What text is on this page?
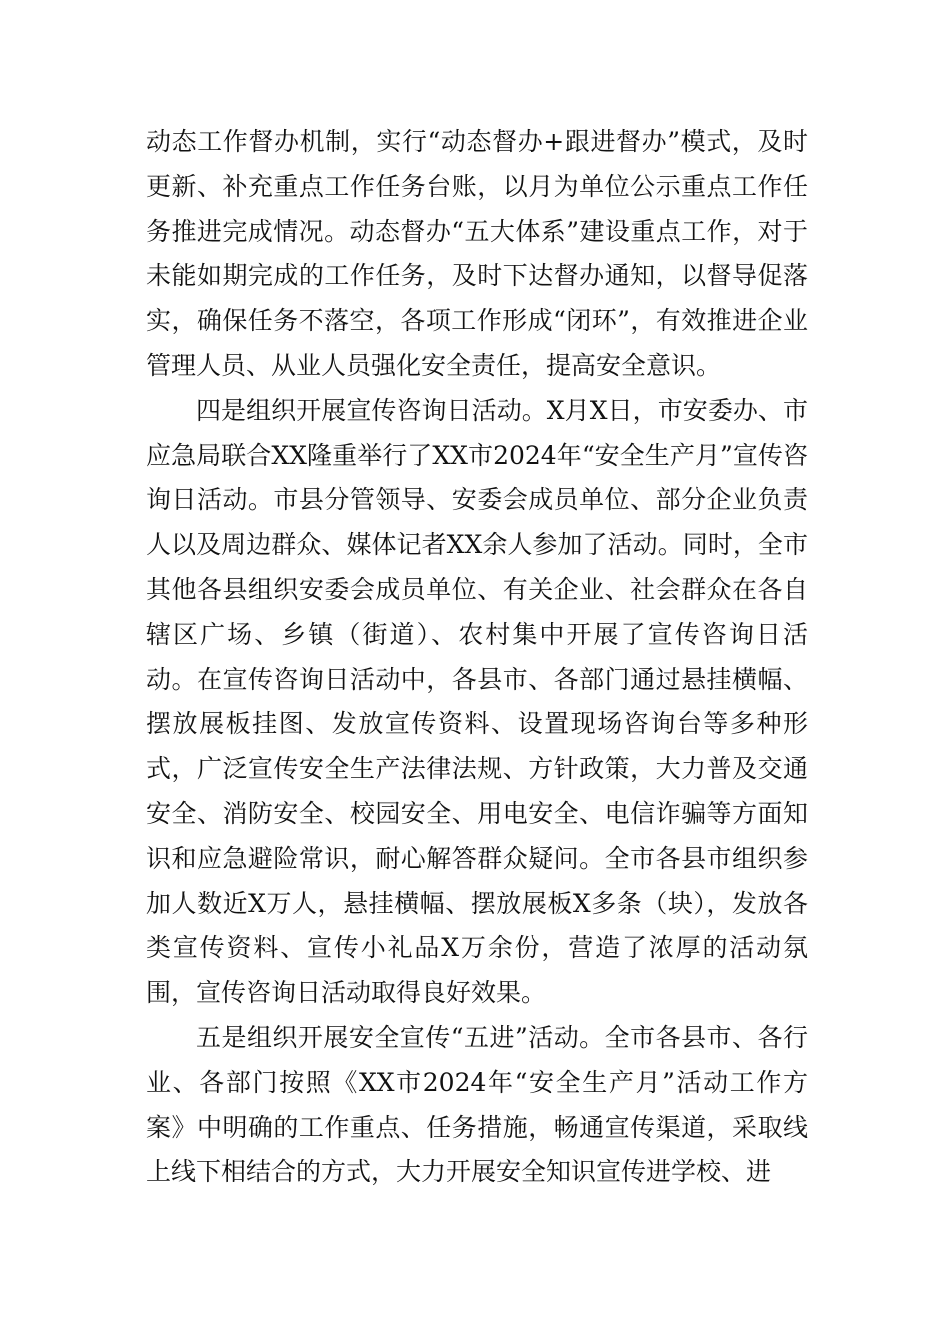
动态工作督办机制，实行“动态督办+跟进督办”模式，及时更新、补充重点工作任务台账，以月为单位公示重点工作任务推进完成情况。动态督办“五大体系”建设重点工作，对于未能如期完成的工作任务，及时下达督办通知，以督导促落实，确保任务不落空，各项工作形成“闭环”，有效推进企业管理人员、从业人员强化安全责任，提高安全意识。

四是组织开展宣传咨询日活动。X月X日，市安委办、市应急局联合XX隆重举行了XX市2024年“安全生产月”宣传咨询日活动。市县分管领导、安委会成员单位、部分企业负责人以及周边群众、媒体记者XX余人参加了活动。同时，全市其他各县组织安委会成员单位、有关企业、社会群众在各自辖区广场、乡镇（街道）、农村集中开展了宣传咨询日活动。在宣传咨询日活动中，各县市、各部门通过悬挂横幅、摆放展板挂图、发放宣传资料、设置现场咨询台等多种形式，广泛宣传安全生产法律法规、方针政策，大力普及交通安全、消防安全、校园安全、用电安全、电信诈骗等方面知识和应急避险常识，耐心解答群众疑问。全市各县市组织参加人数近X万人，悬挂横幅、摆放展板X多条（块），发放各类宣传资料、宣传小礼品X万余份，营造了浓厚的活动氛围，宣传咨询日活动取得良好效果。

五是组织开展安全宣传“五进”活动。全市各县市、各行业、各部门按照《XX市2024年“安全生产月”活动工作方案》中明确的工作重点、任务措施，畅通宣传渠道，采取线上线下相结合的方式，大力开展安全知识宣传进学校、进
